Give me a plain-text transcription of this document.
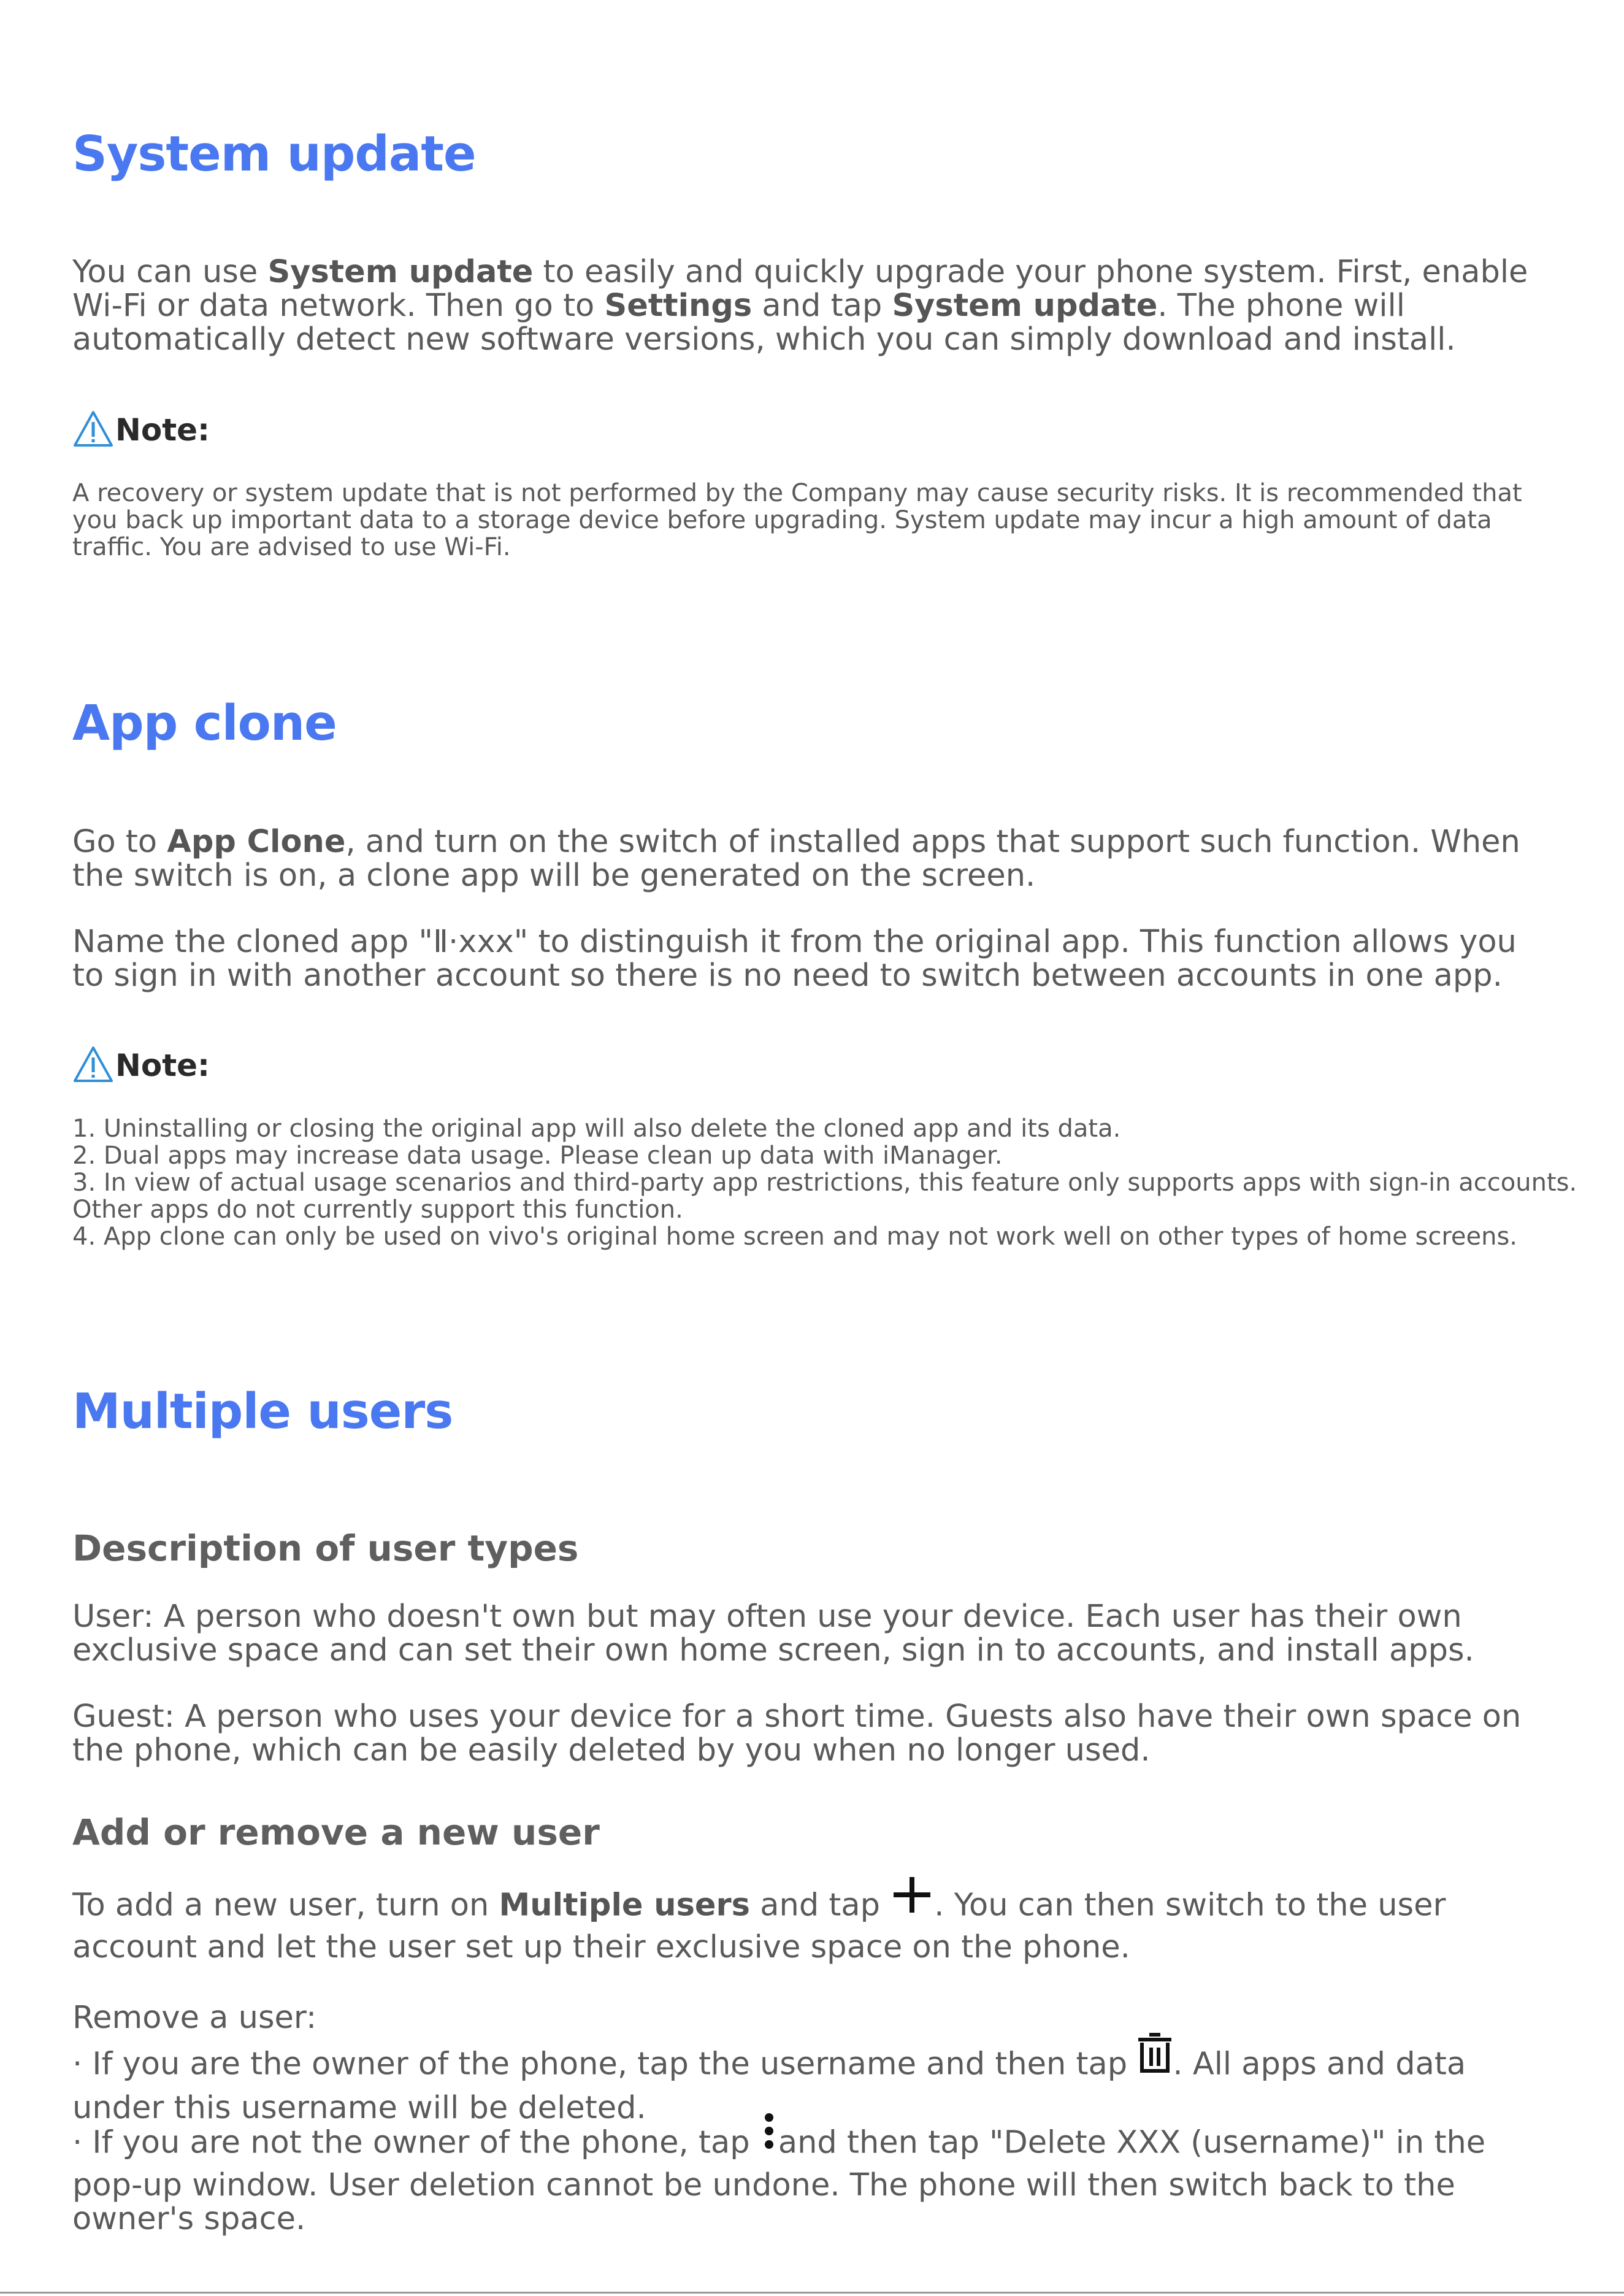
System update

You can use System update to easily and quickly upgrade your phone system. First, enable Wi-Fi or data network. Then go to Settings and tap System update. The phone will automatically detect new software versions, which you can simply download and install.

Note:

A recovery or system update that is not performed by the Company may cause security risks. It is recommended that you back up important data to a storage device before upgrading. System update may incur a high amount of data traffic. You are advised to use Wi-Fi.

App clone

Go to App Clone, and turn on the switch of installed apps that support such function. When the switch is on, a clone app will be generated on the screen.

Name the cloned app "Ⅱ·xxx" to distinguish it from the original app. This function allows you to sign in with another account so there is no need to switch between accounts in one app.

Note:
1. Uninstalling or closing the original app will also delete the cloned app and its data.
2. Dual apps may increase data usage. Please clean up data with iManager.
3. In view of actual usage scenarios and third-party app restrictions, this feature only supports apps with sign-in accounts.
Other apps do not currently support this function.
4. App clone can only be used on vivo's original home screen and may not work well on other types of home screens.
Multiple users
Description of user types

User: A person who doesn't own but may often use your device. Each user has their own exclusive space and can set their own home screen, sign in to accounts, and install apps.

Guest: A person who uses your device for a short time. Guests also have their own space on the phone, which can be easily deleted by you when no longer used.

Add or remove a new user

To add a new user, turn on Multiple users and tap . You can then switch to the user account and let the user set up their exclusive space on the phone.

Remove a user:

· If you are the owner of the phone, tap the username and then tap . All apps and data under this username will be deleted.

· If you are not the owner of the phone, tap and then tap "Delete XXX (username)" in the pop-up window. User deletion cannot be undone. The phone will then switch back to the owner's space.
